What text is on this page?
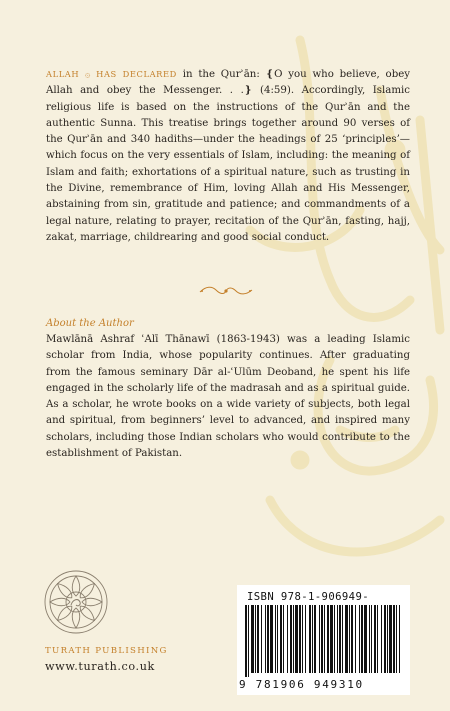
ALLAH ۞ HAS DECLARED in the Qurʾān: ❴O you who believe, obey Allah and obey the Messenger. . .❵ (4:59). Accordingly, Islamic religious life is based on the instructions of the Qurʾān and the authentic Sunna. This treatise brings together around 90 verses of the Qurʾān and 340 hadiths—under the headings of 25 ‘principles’—which focus on the very essentials of Islam, including: the meaning of Islam and faith; exhortations of a spiritual nature, such as trusting in the Divine, remembrance of Him, loving Allah and His Messenger, abstaining from sin, gratitude and patience; and commandments of a legal nature, relating to prayer, recitation of the Qurʾān, fasting, hajj, zakat, marriage, childrearing and good social conduct.

About the Author

Mawlānā Ashraf ʿAlī Thānawī (1863-1943) was a leading Islamic scholar from India, whose popularity continues. After graduating from the famous seminary Dār al-ʿUlūm Deoband, he spent his life engaged in the scholarly life of the madrasah and as a spiritual guide. As a scholar, he wrote books on a wide variety of subjects, both legal and spiritual, from beginners’ level to advanced, and inspired many scholars, including those Indian scholars who would contribute to the establishment of Pakistan.

TURATH PUBLISHING
www.turath.co.uk
ISBN 978-1-906949-
9 781906 949310
